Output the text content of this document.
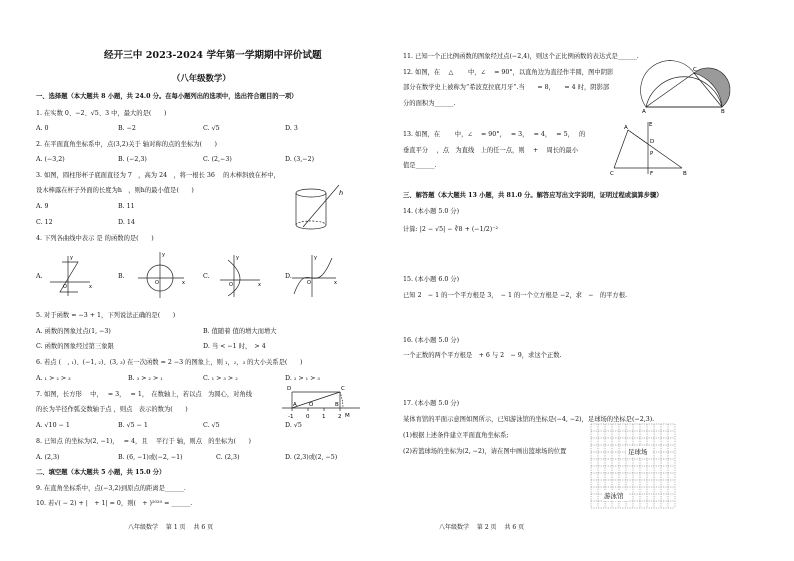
经开三中 2023-2024 学年第一学期期中评价试题
（八年级数学）
一、选择题（本大题共 8 小题，共 24.0 分。在每小题列出的选项中，选出符合题目的一项）
1. 在实数 0、−2、√5、3 中，最大的是(　　)
A. 0	B. −2	C. √5	D. 3
2. 在平面直角坐标系中，点(3,2)关于 轴对称的点的坐标为(　　)
A. (−3,2)	B. (−2,3)	C. (2,−3)	D. (3,−2)
3. 如图，圆柱形杯子底面直径为 7　，高为 24　，将一根长 36　 的木棒斜放在杯中，
设木棒露在杯子外面的长度为h　，则h的最小值是(　　)
A. 9	B. 11
C. 12	D. 14
h
4. 下列各曲线中表示 是 的函数的是(　　)
A.	B.	C.	D.
x
y
O
x
y
O	x
y
O	x
y
O
5. 对于函数 = −3 + 1，下列说法正确的是(　　)
A. 函数的图象过点(1, −3)	B. 值随着 值的增大而增大
C. 函数的图象经过第三象限	D. 当 < −1 时，　> 4
6. 若点 (　, ₁)、(−1, ₂)、(3, ₃) 在一次函数 = 2 −3 的图象上，则 ₁，₂，₃ 的大小关系是(　　)
A. ₁ > ₂ > ₃	B. ₃ > ₂ > ₁	C. ₁ > ₃ > ₂	D. ₂ > ₁ > ₃
7. 如图，长方形　 中，　 = 3，　 = 1，　在数轴上，若以点　为圆心，对角线
的长为半径作弧交数轴于点 ，则点　表示的数为(　　)
A. √10 − 1	B. √5 − 1	C. √5	D. √5
D	C
A	B
M
O
-1 0 1 2
8. 已知点 的坐标为(2, −1)，　 = 4，且　 平行于 轴，则点　的坐标为(　　)
A. (2,3)	B. (6, −1)或(−2, −1)	C. (2,3)	D. (2,3)或(2, −5)
二、填空题（本大题共 5 小题，共 15.0 分）
9. 在直角坐标系中，点(−3,2)到原点的距离是______.
10. 若√( − 2) + |　+ 1| = 0，则(　+ )²⁰²⁰ = ______.
八年级数学　 第 1 页　 共 6 页
11. 已知一个正比例函数的图象经过点(−2,4)，则这个正比例函数的表达式是______.
12. 如图，在　 △　　 中，∠　 = 90°，以直角边为直径作半圆，图中阴影
部分在数学史上被称为“希波克拉底月牙”.当　　= 8，　　= 4 时，阴影部
分的面积为______.
C
A	B
13. 如图，在　　 中，∠　 = 90°，　 = 3，　 = 4，　 = 5，　 的
垂直平分　 ，点　为直线　上的任一点，则　 +　 周长的最小
值是______.
A	E
D
P
C	B
F
三、解答题（本大题共 13 小题，共 81.0 分。解答应写出文字说明，证明过程或演算步骤）
14. (本小题 5.0 分)
计算: |2 − √5| − ∛8 + (−1/2)⁻²
15. (本小题 6.0 分)
已知 2　− 1 的一个平方根是 3，　− 1 的一个立方根是 −2，求　−　的平方根.
16. (本小题 5.0 分)
一个正数的两个平方根是　+ 6 与 2　− 9，求这个正数.
17. (本小题 5.0 分)
某体育馆的平面示意图如图所示，已知游泳馆的坐标是(−4, −2)，足球场的坐标是(−2,3).
(1)根据上述条件建立平面直角坐标系;
(2)若篮球场的坐标为(2, −2)，请在图中画出篮球场的位置	足球场
游泳馆
八年级数学　 第 2 页　 共 6 页
